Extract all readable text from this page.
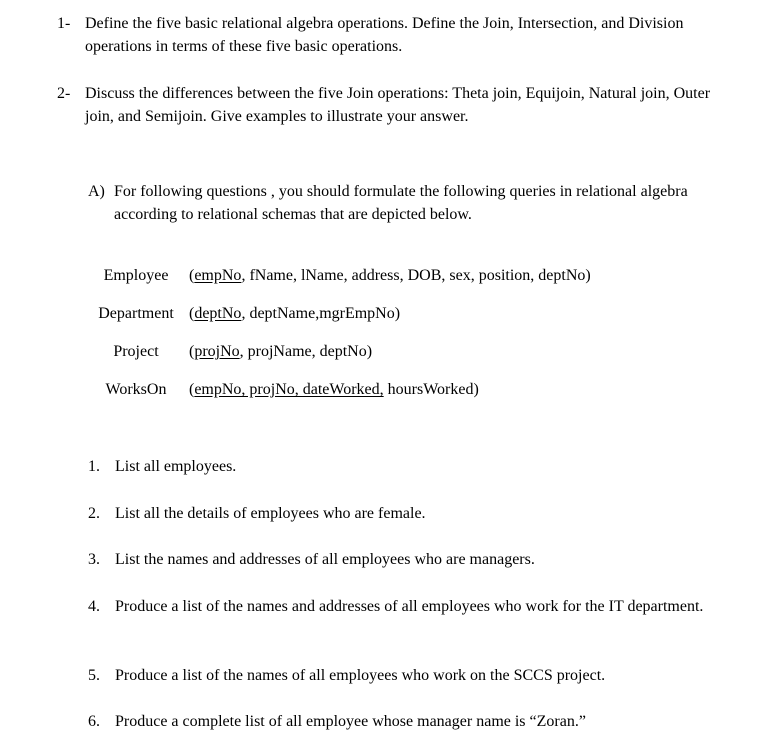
1- Define the five basic relational algebra operations. Define the Join, Intersection, and Division operations in terms of these five basic operations.
2- Discuss the differences between the five Join operations: Theta join, Equijoin, Natural join, Outer join, and Semijoin. Give examples to illustrate your answer.
A) For following questions , you should formulate the following queries in relational algebra according to relational schemas that are depicted below.
Employee	(empNo, fName, lName, address, DOB, sex, position, deptNo)
Department (deptNo, deptName,mgrEmpNo)
Project	(projNo, projName, deptNo)
WorksOn	(empNo, projNo, dateWorked, hoursWorked)
1. List all employees.
2. List all the details of employees who are female.
3. List the names and addresses of all employees who are managers.
4. Produce a list of the names and addresses of all employees who work for the IT department.
5. Produce a list of the names of all employees who work on the SCCS project.
6. Produce a complete list of all employee whose manager name is “Zoran.”
